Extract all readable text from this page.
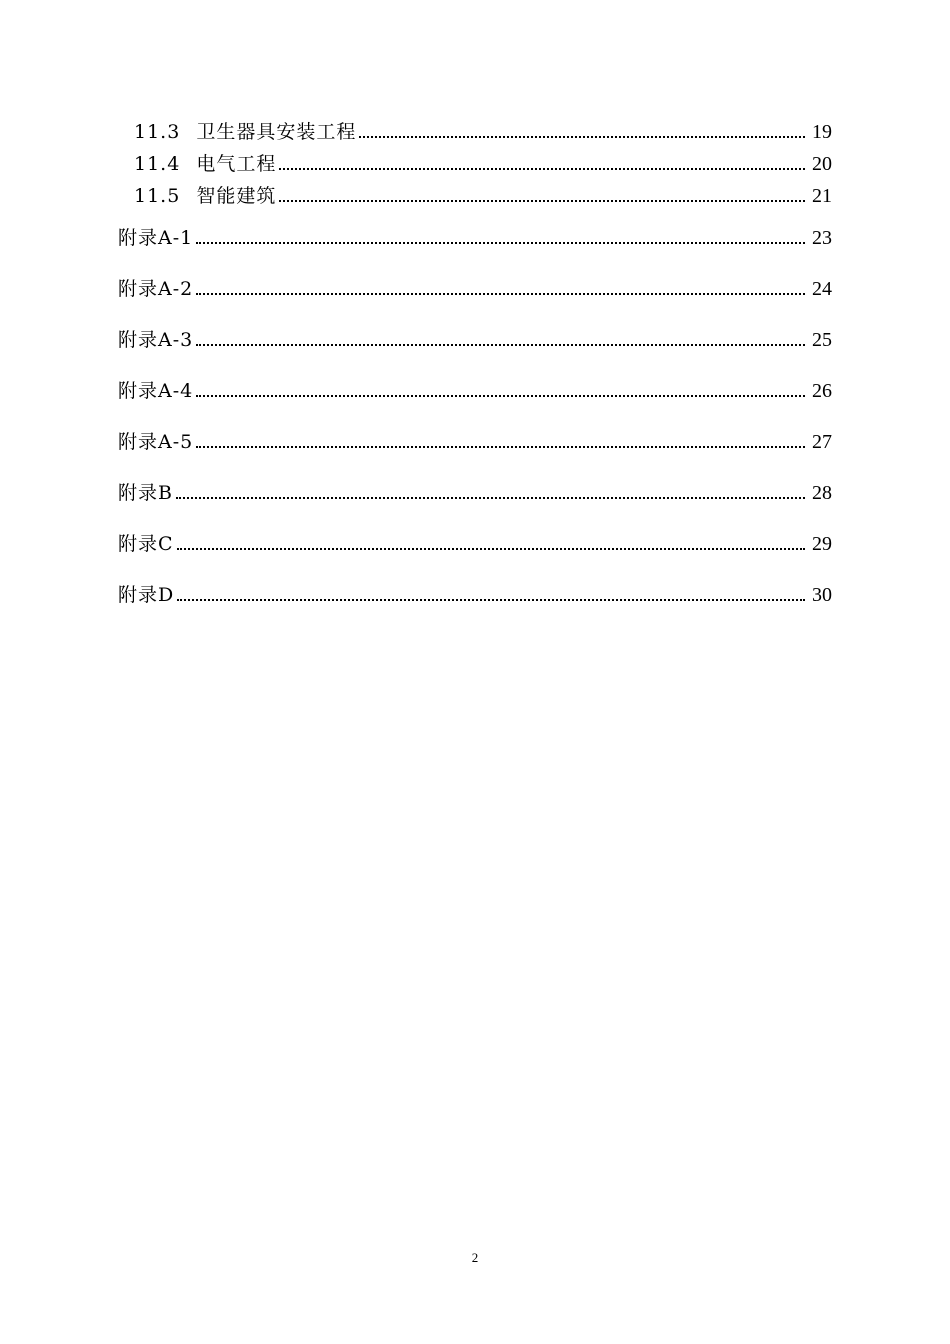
11.3 卫生器具安装工程	19
11.4 电气工程	20
11.5 智能建筑	21
附录A-1	23
附录A-2	24
附录A-3	25
附录A-4	26
附录A-5	27
附录B	28
附录C	29
附录D	30
2
